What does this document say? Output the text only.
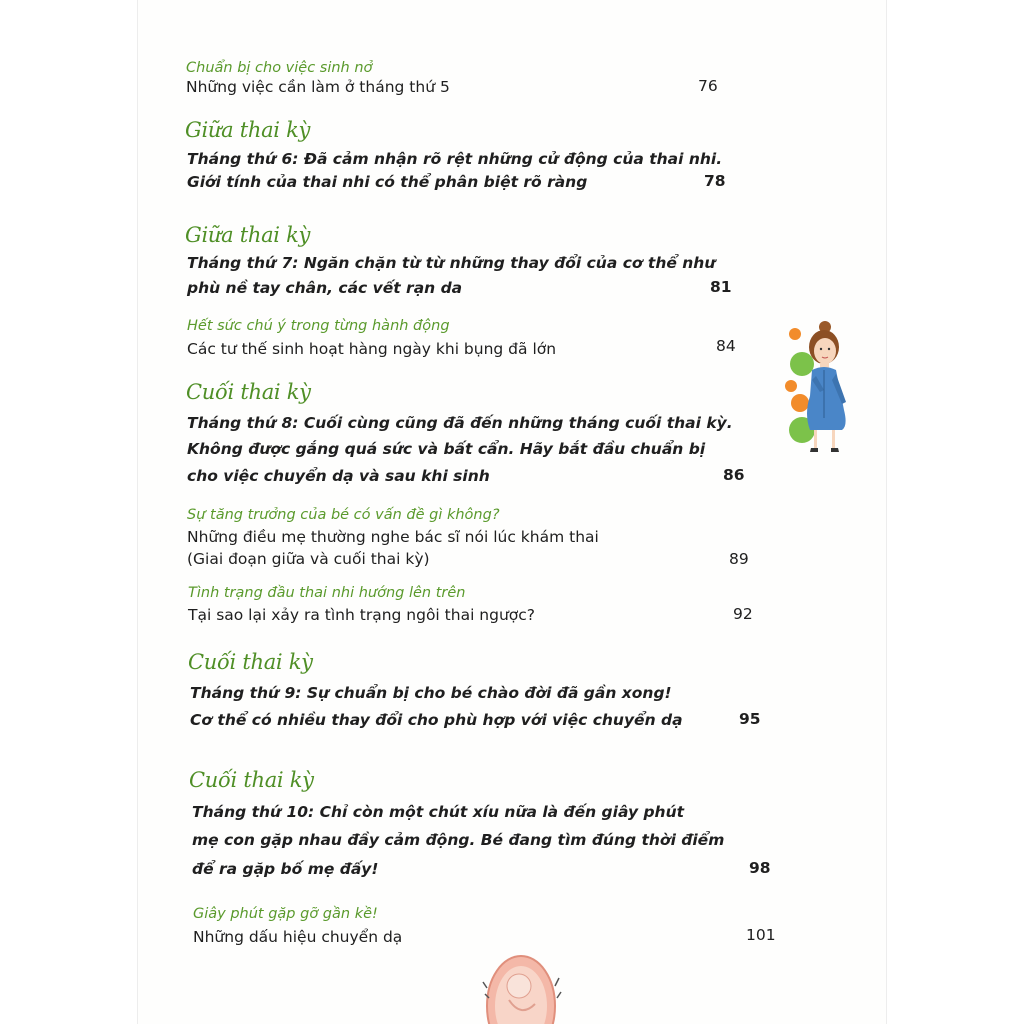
Chuẩn bị cho việc sinh nở
Những việc cần làm ở tháng thứ 5	76
Giữa thai kỳ
Tháng thứ 6: Đã cảm nhận rõ rệt những cử động của thai nhi.
Giới tính của thai nhi có thể phân biệt rõ ràng	78
Giữa thai kỳ
Tháng thứ 7: Ngăn chặn từ từ những thay đổi của cơ thể như
phù nề tay chân, các vết rạn da	81
Hết sức chú ý trong từng hành động
Các tư thế sinh hoạt hàng ngày khi bụng đã lớn	84
Cuối thai kỳ
Tháng thứ 8: Cuối cùng cũng đã đến những tháng cuối thai kỳ.
Không được gắng quá sức và bất cẩn. Hãy bắt đầu chuẩn bị
cho việc chuyển dạ và sau khi sinh	86
Sự tăng trưởng của bé có vấn đề gì không?
Những điều mẹ thường nghe bác sĩ nói lúc khám thai
(Giai đoạn giữa và cuối thai kỳ)	89
Tình trạng đầu thai nhi hướng lên trên
Tại sao lại xảy ra tình trạng ngôi thai ngược?	92
Cuối thai kỳ
Tháng thứ 9: Sự chuẩn bị cho bé chào đời đã gần xong!
Cơ thể có nhiều thay đổi cho phù hợp với việc chuyển dạ	95
Cuối thai kỳ
Tháng thứ 10: Chỉ còn một chút xíu nữa là đến giây phút
mẹ con gặp nhau đầy cảm động. Bé đang tìm đúng thời điểm
để ra gặp bố mẹ đấy!	98
Giây phút gặp gỡ gần kề!
Những dấu hiệu chuyển dạ	101
